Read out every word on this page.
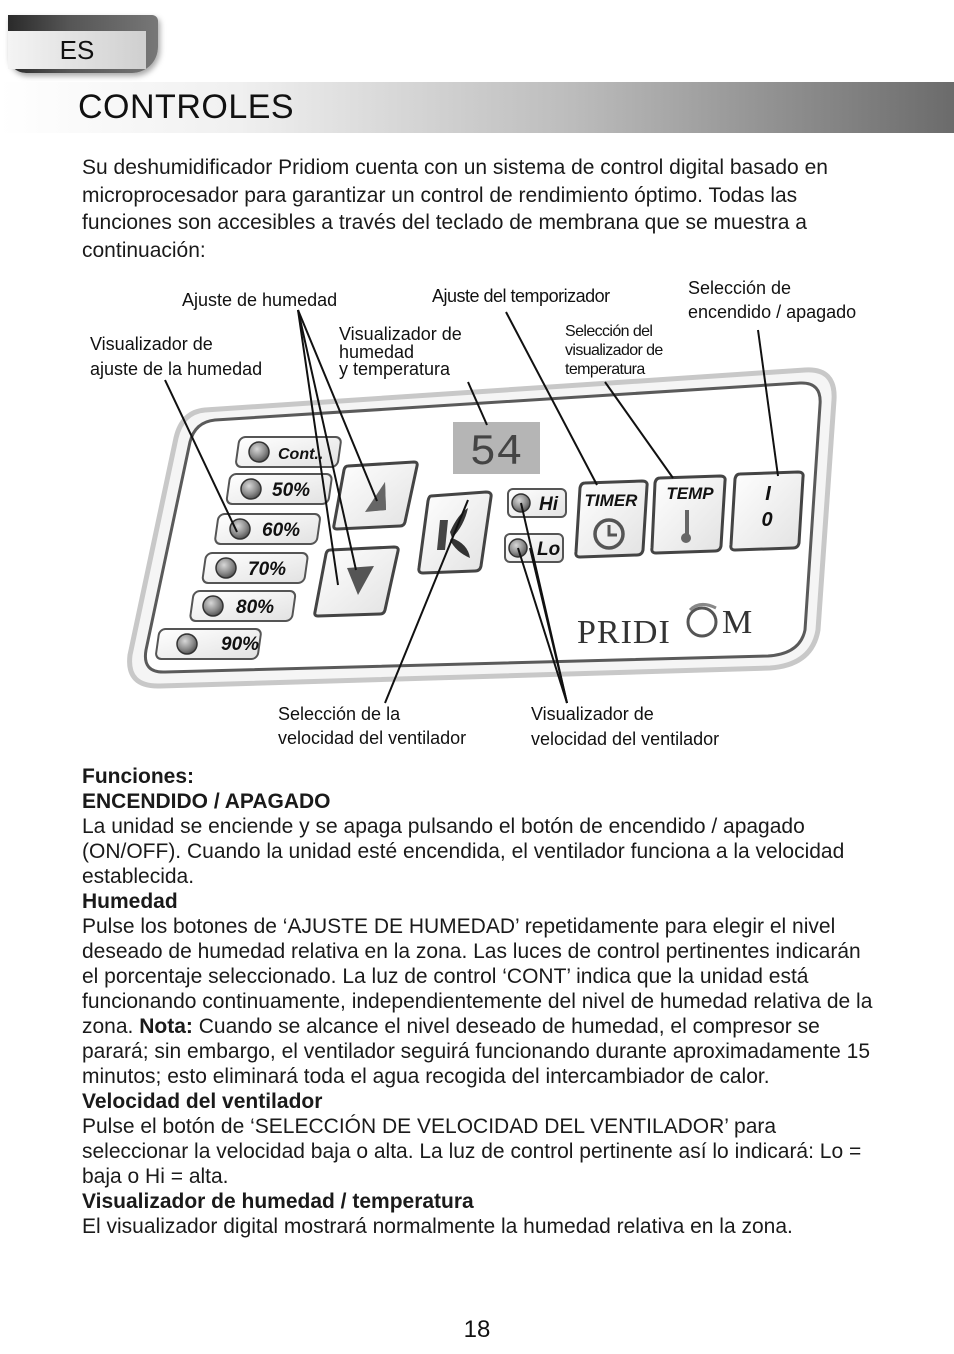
ES
CONTROLES

Su deshumidificador Pridiom cuenta con un sistema de control digital basado en microprocesador para garantizar un control de rendimiento óptimo. Todas las funciones son accesibles a través del teclado de membrana que se muestra a continuación:

Cont..
50%
60%
70%
80%
90%
54
Hi
Lo
TIMER TEMP	I
0
PRIDI M
Ajuste de humedad	Ajuste del temporizador	Selección de
encendido / apagado
Visualizador de
ajuste de la humedad
Visualizador de
humedad
y temperatura
Selección del
visualizador de
temperatura
Selección de la
velocidad del ventilador
Visualizador de
velocidad del ventilador

Funciones:

ENCENDIDO / APAGADO

La unidad se enciende y se apaga pulsando el botón de encendido / apagado (ON/OFF). Cuando la unidad esté encendida, el ventilador funciona a la velocidad establecida.

Humedad

Pulse los botones de ‘AJUSTE DE HUMEDAD’ repetidamente para elegir el nivel deseado de humedad relativa en la zona. Las luces de control pertinentes indicarán el porcentaje seleccionado. La luz de control ‘CONT’ indica que la unidad está funcionando continuamente, independientemente del nivel de humedad relativa de la zona. Nota: Cuando se alcance el nivel deseado de humedad, el compresor se parará; sin embargo, el ventilador seguirá funcionando durante aproximadamente 15 minutos; esto eliminará toda el agua recogida del intercambiador de calor.

Velocidad del ventilador

Pulse el botón de ‘SELECCIÓN DE VELOCIDAD DEL VENTILADOR’ para seleccionar la velocidad baja o alta. La luz de control pertinente así lo indicará: Lo = baja o Hi = alta.

Visualizador de humedad / temperatura

El visualizador digital mostrará normalmente la humedad relativa en la zona.

18
